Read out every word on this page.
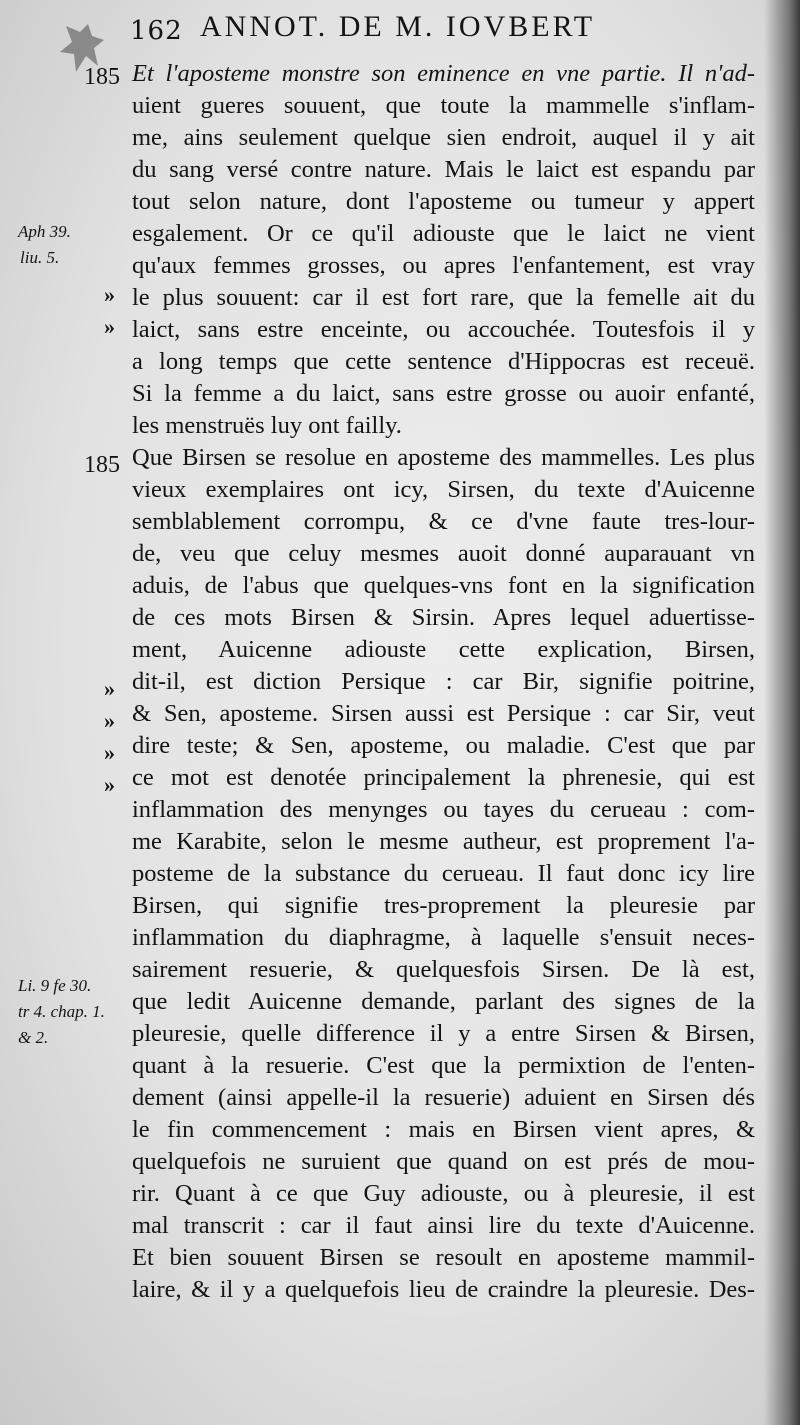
162 ANNOT. DE M. IOVBERT
185
Aph 39.
liu. 5.
»
»
185
»
»
»
»
Li. 9 fe 30.
tr 4. chap. 1.
& 2.
Et l'aposteme monstre son eminence en vne partie. Il n'ad-
uient gueres souuent, que toute la mammelle s'inflam-
me, ains seulement quelque sien endroit, auquel il y ait
du sang versé contre nature. Mais le laict est espandu par
tout selon nature, dont l'aposteme ou tumeur y appert
esgalement. Or ce qu'il adiouste que le laict ne vient
qu'aux femmes grosses, ou apres l'enfantement, est vray
le plus souuent: car il est fort rare, que la femelle ait du
laict, sans estre enceinte, ou accouchée. Toutesfois il y
a long temps que cette sentence d'Hippocras est receuë.
Si la femme a du laict, sans estre grosse ou auoir enfanté,
les menstruës luy ont failly.
Que Birsen se resolue en aposteme des mammelles. Les plus
vieux exemplaires ont icy, Sirsen, du texte d'Auicenne
semblablement corrompu, & ce d'vne faute tres-lour-
de, veu que celuy mesmes auoit donné auparauant vn
aduis, de l'abus que quelques-vns font en la signification
de ces mots Birsen & Sirsin. Apres lequel aduertisse-
ment, Auicenne adiouste cette explication, Birsen,
dit-il, est diction Persique : car Bir, signifie poitrine,
& Sen, aposteme. Sirsen aussi est Persique : car Sir, veut
dire teste; & Sen, aposteme, ou maladie. C'est que par
ce mot est denotée principalement la phrenesie, qui est
inflammation des menynges ou tayes du cerueau : com-
me Karabite, selon le mesme autheur, est proprement l'a-
posteme de la substance du cerueau. Il faut donc icy lire
Birsen, qui signifie tres-proprement la pleuresie par
inflammation du diaphragme, à laquelle s'ensuit neces-
sairement resuerie, & quelquesfois Sirsen. De là est,
que ledit Auicenne demande, parlant des signes de la
pleuresie, quelle difference il y a entre Sirsen & Birsen,
quant à la resuerie. C'est que la permixtion de l'enten-
dement (ainsi appelle-il la resuerie) aduient en Sirsen dés
le fin commencement : mais en Birsen vient apres, &
quelquefois ne suruient que quand on est prés de mou-
rir. Quant à ce que Guy adiouste, ou à pleuresie, il est
mal transcrit : car il faut ainsi lire du texte d'Auicenne.
Et bien souuent Birsen se resoult en aposteme mammil-
laire, & il y a quelquefois lieu de craindre la pleuresie. Des-
